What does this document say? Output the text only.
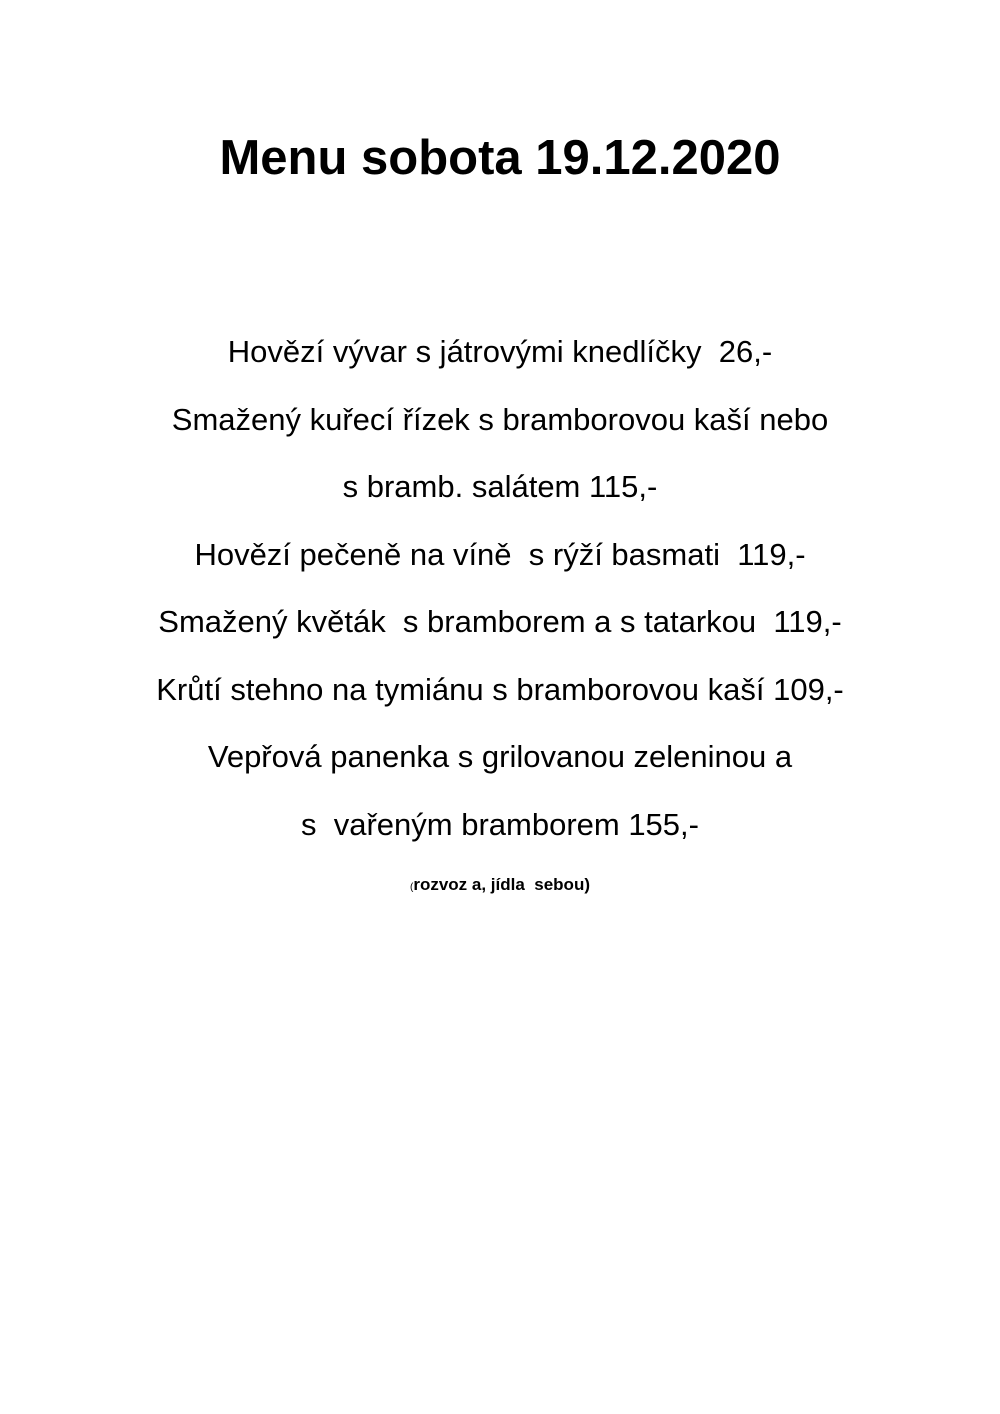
Menu sobota 19.12.2020
Hovězí vývar s játrovými knedlíčky  26,-
Smažený kuřecí řízek s bramborovou kaší nebo
s bramb. salátem 115,-
Hovězí pečeně na víně  s rýží basmati  119,-
Smažený květák  s bramborem a s tatarkou  119,-
Krůtí stehno na tymiánu s bramborovou kaší 109,-
Vepřová panenka s grilovanou zeleninou a
s  vařeným bramborem 155,-
(rozvoz a, jídla  sebou)
